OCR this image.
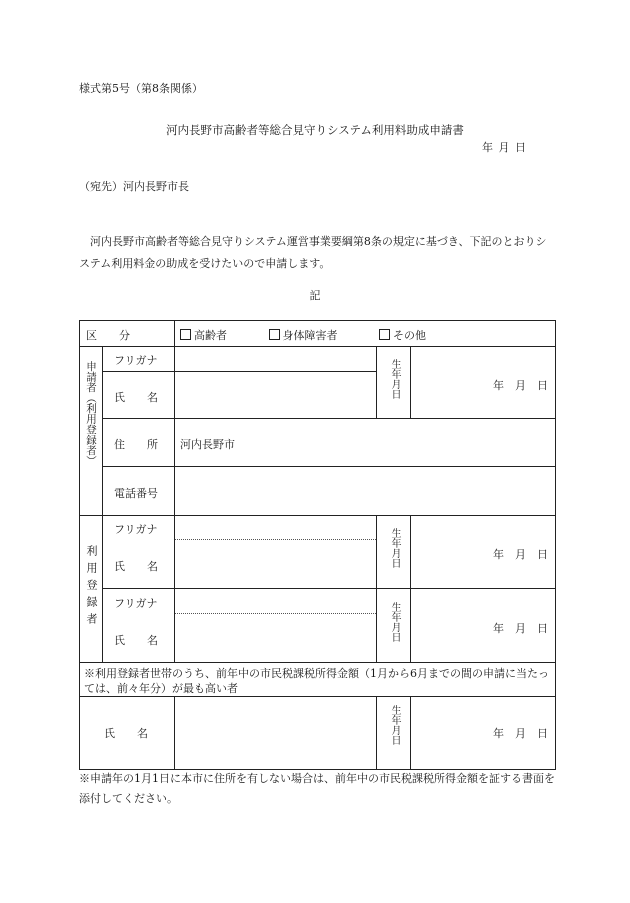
様式第5号（第8条関係）
河内長野市高齢者等総合見守りシステム利用料助成申請書
年 月 日
（宛先）河内長野市長
河内長野市高齢者等総合見守りシステム運営事業要綱第8条の規定に基づき、下記のとおりシステム利用料金の助成を受けたいので申請します。
記
区　　分	高齢者	身体障害者	その他
申請者（利用登録者）
フリガナ
氏　　名	生年月日	年　月　日
住　　所 河内長野市
電話番号
利用登録者
フリガナ
氏　　名	生年月日	年　月　日
フリガナ
氏　　名	生年月日	年　月　日
※利用登録者世帯のうち、前年中の市民税課税所得金額（1月から6月までの間の申請に当たっては、前々年分）が最も高い者
氏　　名	生年月日	年　月　日
※申請年の1月1日に本市に住所を有しない場合は、前年中の市民税課税所得金額を証する書面を添付してください。
